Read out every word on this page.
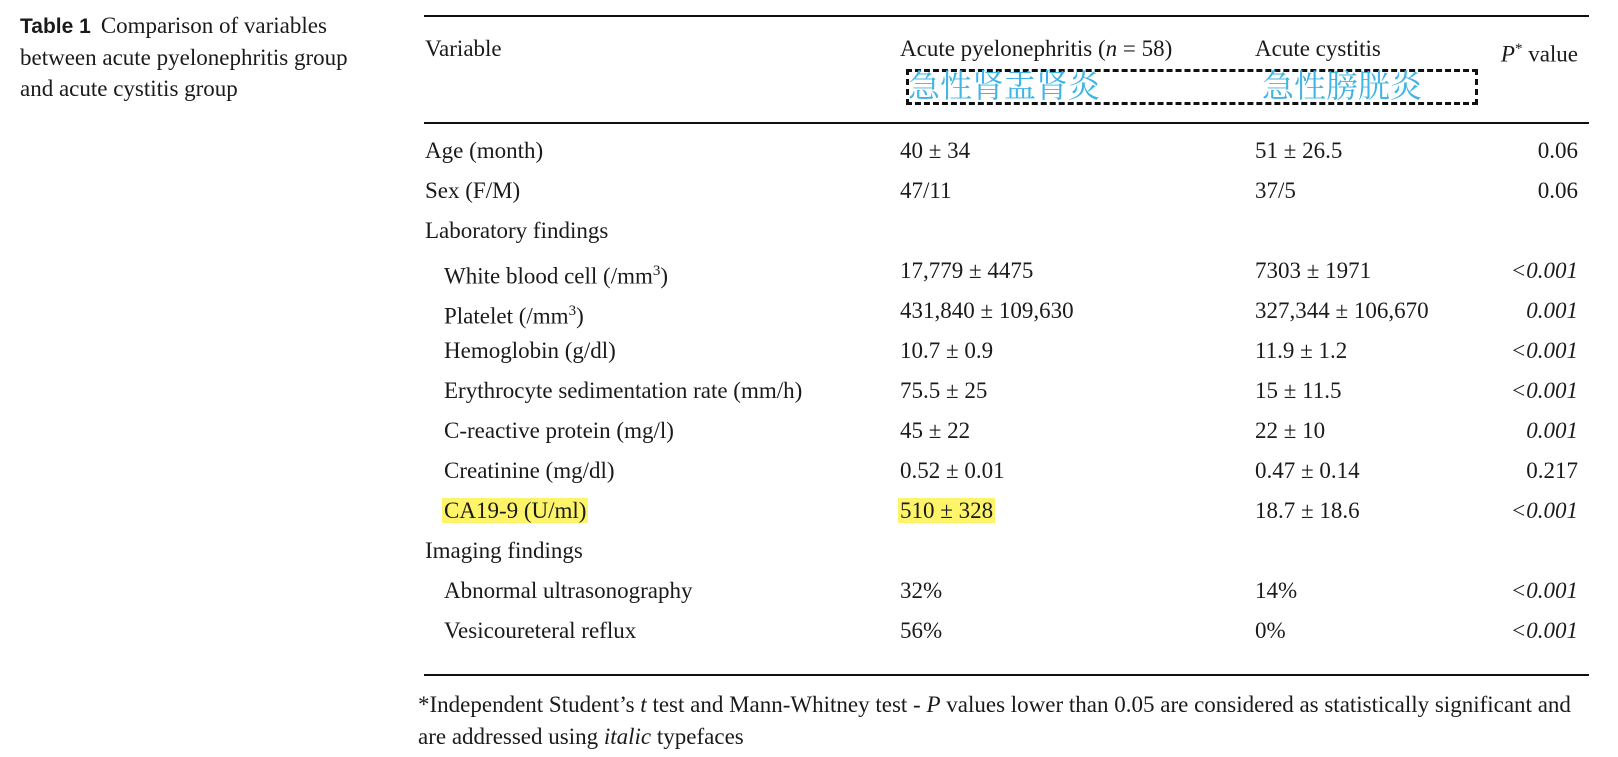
Table 1 Comparison of variables between acute pyelonephritis group and acute cystitis group
Variable	Acute pyelonephritis (n = 58)	Acute cystitis	P* value
急性肾盂肾炎	急性膀胱炎
Age (month)	40 ± 34	51 ± 26.5	0.06
Sex (F/M)	47/11	37/5	0.06
Laboratory findings
White blood cell $(/mm^3)$	17,779 ± 4475	7303 ± 1971	<0.001
Platelet $(/mm^3)$	431,840 ± 109,630	327,344 ± 106,670	0.001
Hemoglobin (g/dl)	10.7 ± 0.9	11.9 ± 1.2	<0.001
Erythrocyte sedimentation rate (mm/h)	75.5 ± 25	15 ± 11.5	<0.001
C-reactive protein (mg/l)	45 ± 22	22 ± 10	0.001
Creatinine (mg/dl)	0.52 ± 0.01	0.47 ± 0.14	0.217
CA19-9 (U/ml)	510 ± 328	18.7 ± 18.6	<0.001
Imaging findings
Abnormal ultrasonography	32%	14%	<0.001
Vesicoureteral reflux	56%	0%	<0.001
*Independent Student’s t test and Mann-Whitney test - P values lower than 0.05 are considered as statistically significant and are addressed using italic typefaces
